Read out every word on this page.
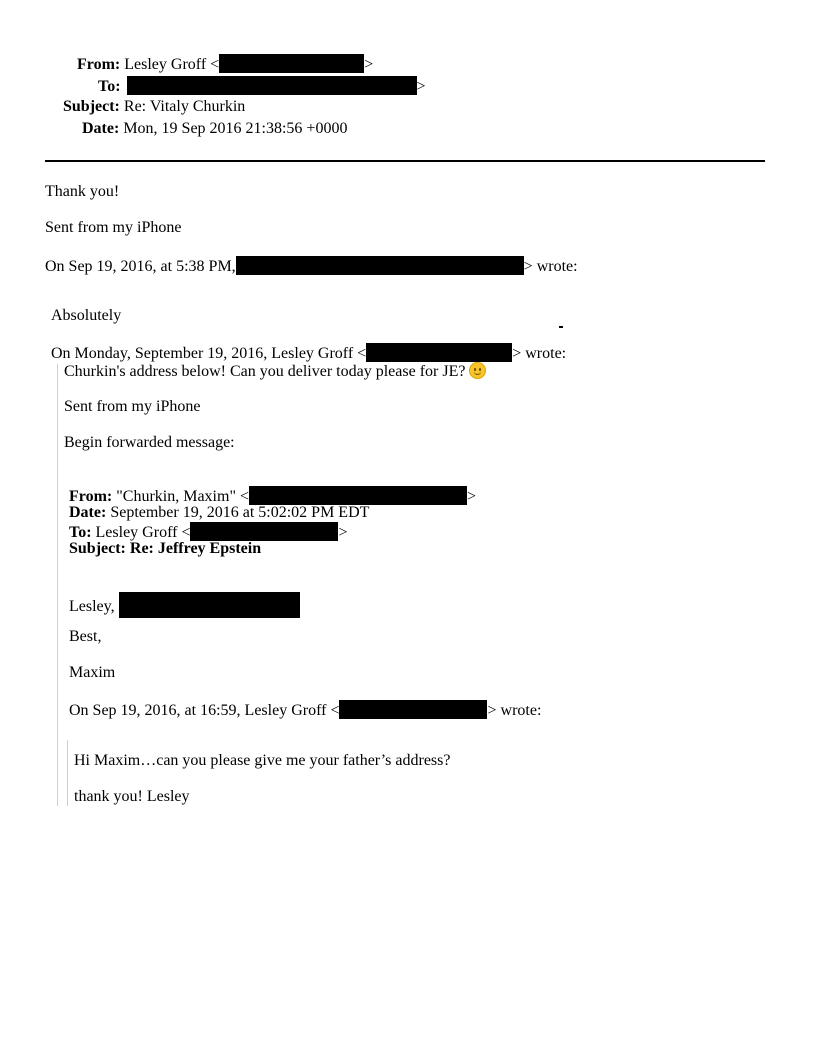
From: Lesley Groff <	>
To:	>
Subject: Re: Vitaly Churkin
Date: Mon, 19 Sep 2016 21:38:56 +0000
Thank you!
Sent from my iPhone
On Sep 19, 2016, at 5:38 PM,	> wrote:
Absolutely
On Monday, September 19, 2016, Lesley Groff <	> wrote:
Churkin's address below! Can you deliver today please for JE?
Sent from my iPhone
Begin forwarded message:
From: "Churkin, Maxim" <	>
Date: September 19, 2016 at 5:02:02 PM EDT
To: Lesley Groff <	>
Subject: Re: Jeffrey Epstein
Lesley,
Best,
Maxim
On Sep 19, 2016, at 16:59, Lesley Groff <	> wrote:
Hi Maxim…can you please give me your father’s address?
thank you! Lesley
